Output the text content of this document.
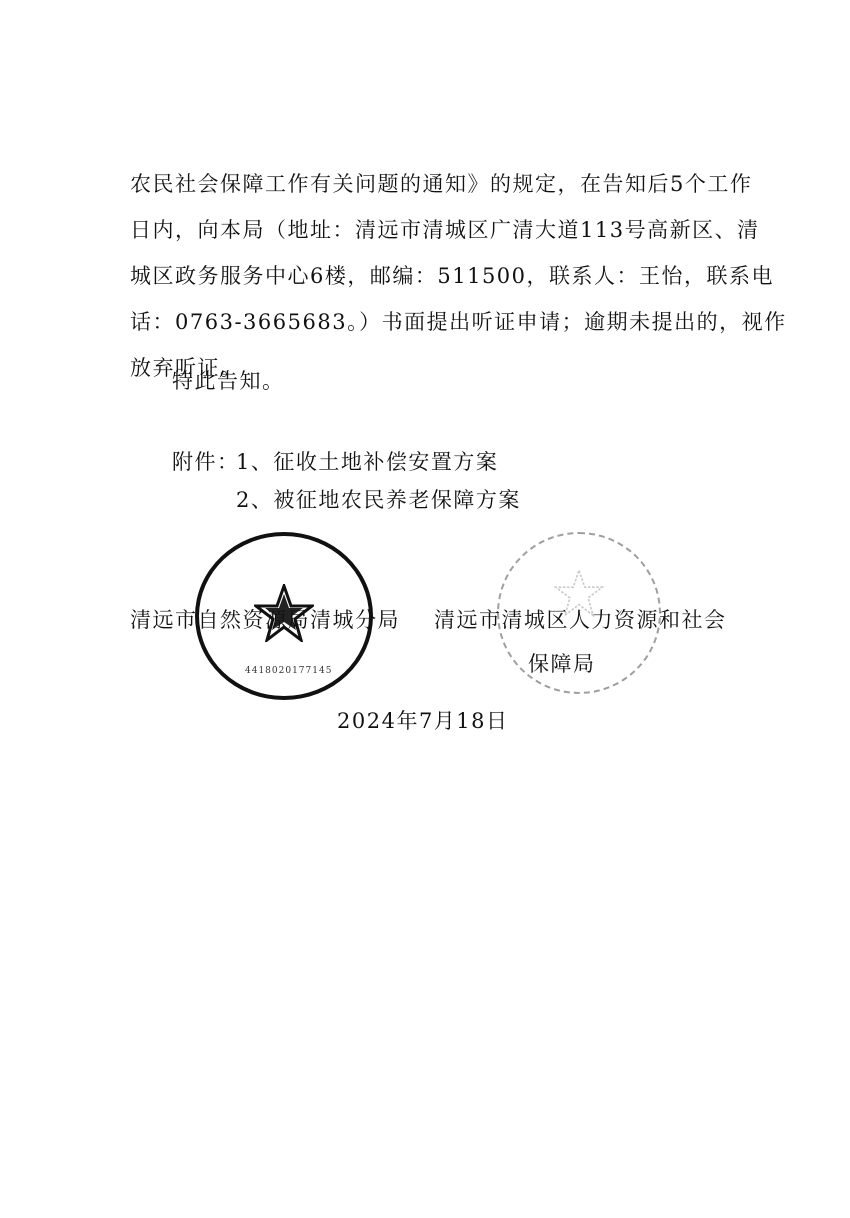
农民社会保障工作有关问题的通知》的规定，在告知后5个工作
日内，向本局（地址：清远市清城区广清大道113号高新区、清
城区政务服务中心6楼，邮编：511500，联系人：王怡，联系电
话：0763-3665683。）书面提出听证申请；逾期未提出的，视作
放弃听证。
特此告知。
附件：
1、征收土地补偿安置方案
2、被征地农民养老保障方案
4418020177145
清远市自然资源局清城分局 清远市清城区人力资源和社会
保障局
2024年7月18日
